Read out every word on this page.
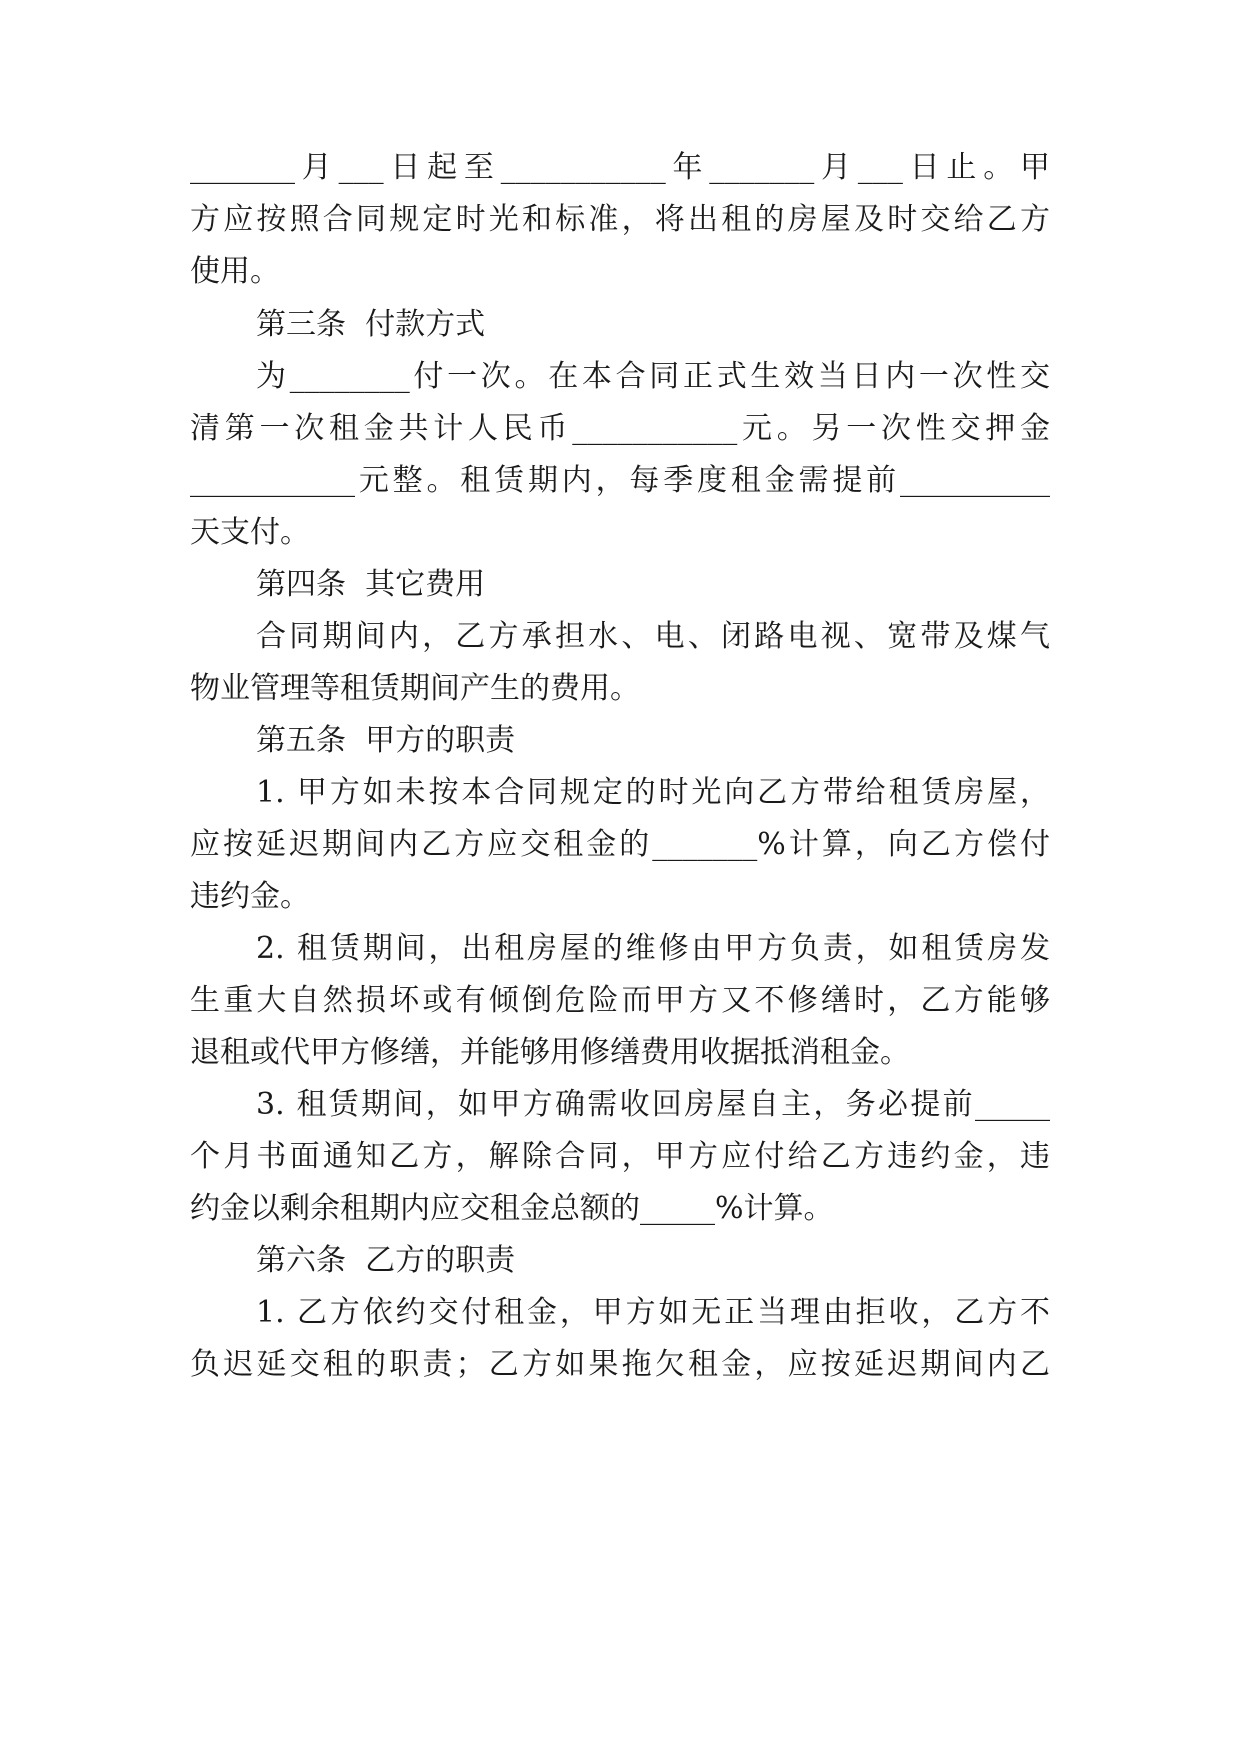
_______月___日起至___________年_______月___日止。甲
方应按照合同规定时光和标准，将出租的房屋及时交给乙方
使用。
第三条  付款方式
为________付一次。在本合同正式生效当日内一次性交
清第一次租金共计人民币___________元。另一次性交押金
___________元整。租赁期内，每季度租金需提前__________
天支付。
第四条  其它费用
合同期间内，乙方承担水、电、闭路电视、宽带及煤气
物业管理等租赁期间产生的费用。
第五条  甲方的职责
1. 甲方如未按本合同规定的时光向乙方带给租赁房屋，
应按延迟期间内乙方应交租金的_______%计算，向乙方偿付
违约金。
2. 租赁期间，出租房屋的维修由甲方负责，如租赁房发
生重大自然损坏或有倾倒危险而甲方又不修缮时，乙方能够
退租或代甲方修缮，并能够用修缮费用收据抵消租金。
3. 租赁期间，如甲方确需收回房屋自主，务必提前_____
个月书面通知乙方，解除合同，甲方应付给乙方违约金，违
约金以剩余租期内应交租金总额的_____%计算。
第六条  乙方的职责
1. 乙方依约交付租金，甲方如无正当理由拒收，乙方不
负迟延交租的职责；乙方如果拖欠租金，应按延迟期间内乙
